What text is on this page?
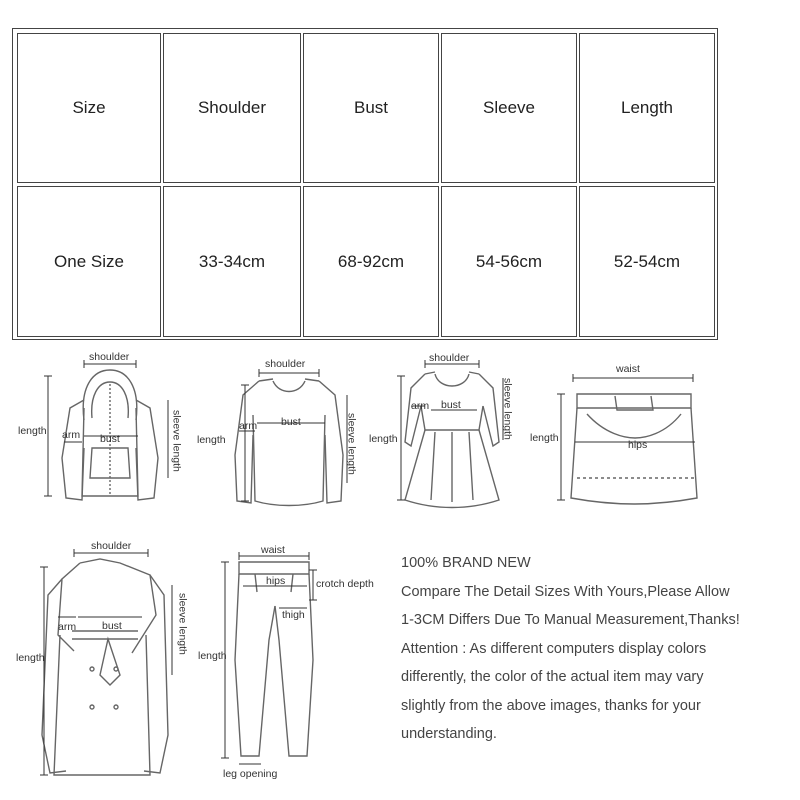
Size	Shoulder	Bust	Sleeve	Length
One Size	33-34cm	68-92cm	54-56cm	52-54cm
shoulder
length arm bust	sleeve length
shoulder
length
arm bust	sleeve length
shoulder
length
arm bust	sleeve length
waist
length
hips
shoulder
length
arm bust	sleeve length
waist
hips	crotch depth
thigh
length
leg opening
100% BRAND NEW
Compare The Detail Sizes With Yours,Please Allow
1-3CM Differs Due To Manual Measurement,Thanks!
Attention : As different computers display colors
differently, the color of the actual item may vary
slightly from the above images, thanks for your
understanding.
